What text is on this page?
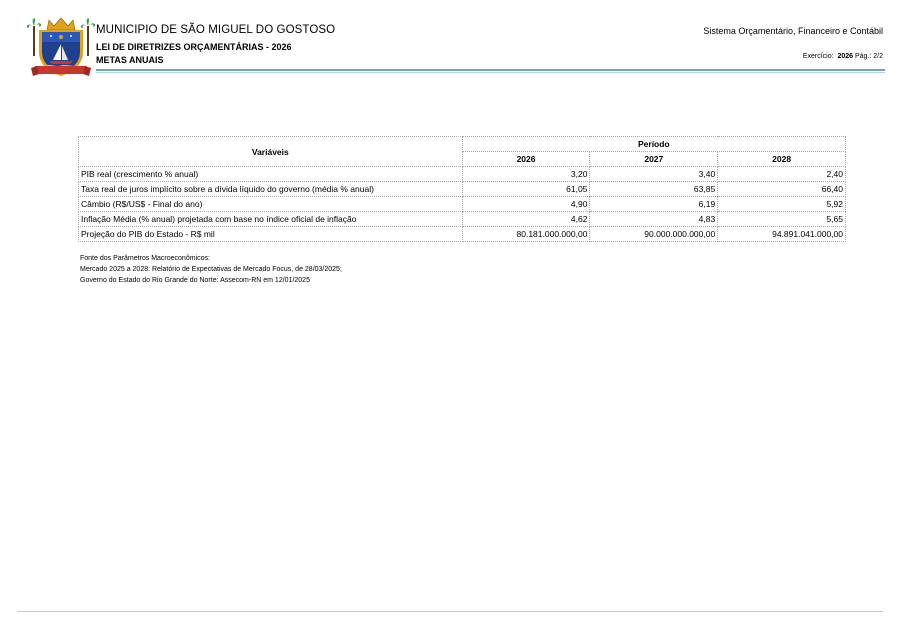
MUNICIPIO DE SÃO MIGUEL DO GOSTOSO
LEI DE DIRETRIZES ORÇAMENTÁRIAS - 2026
METAS ANUAIS
Sistema Orçamentário, Financeiro e Contábil
Exercício: 2026 Pág.: 2/2
Variáveis	Período		
	2026	2027	2028
PIB real (crescimento % anual)	3,20	3,40	2,40
Taxa real de juros implícito sobre a dívida líquido do governo (média % anual)	61,05	63,85	66,40
Câmbio (R$/US$ - Final do ano)	4,90	6,19	5,92
Inflação Média (% anual) projetada com base no índice oficial de inflação	4,62	4,83	5,65
Projeção do PIB do Estado - R$ mil	80.181.000.000,00	90.000.000.000,00	94.891.041.000,00
Fonte dos Parâmetros Macroeconômicos:
Mercado 2025 a 2028: Relatório de Expectativas de Mercado Focus, de 28/03/2025;
Governo do Estado do Rio Grande do Norte: Assecom-RN em 12/01/2025
